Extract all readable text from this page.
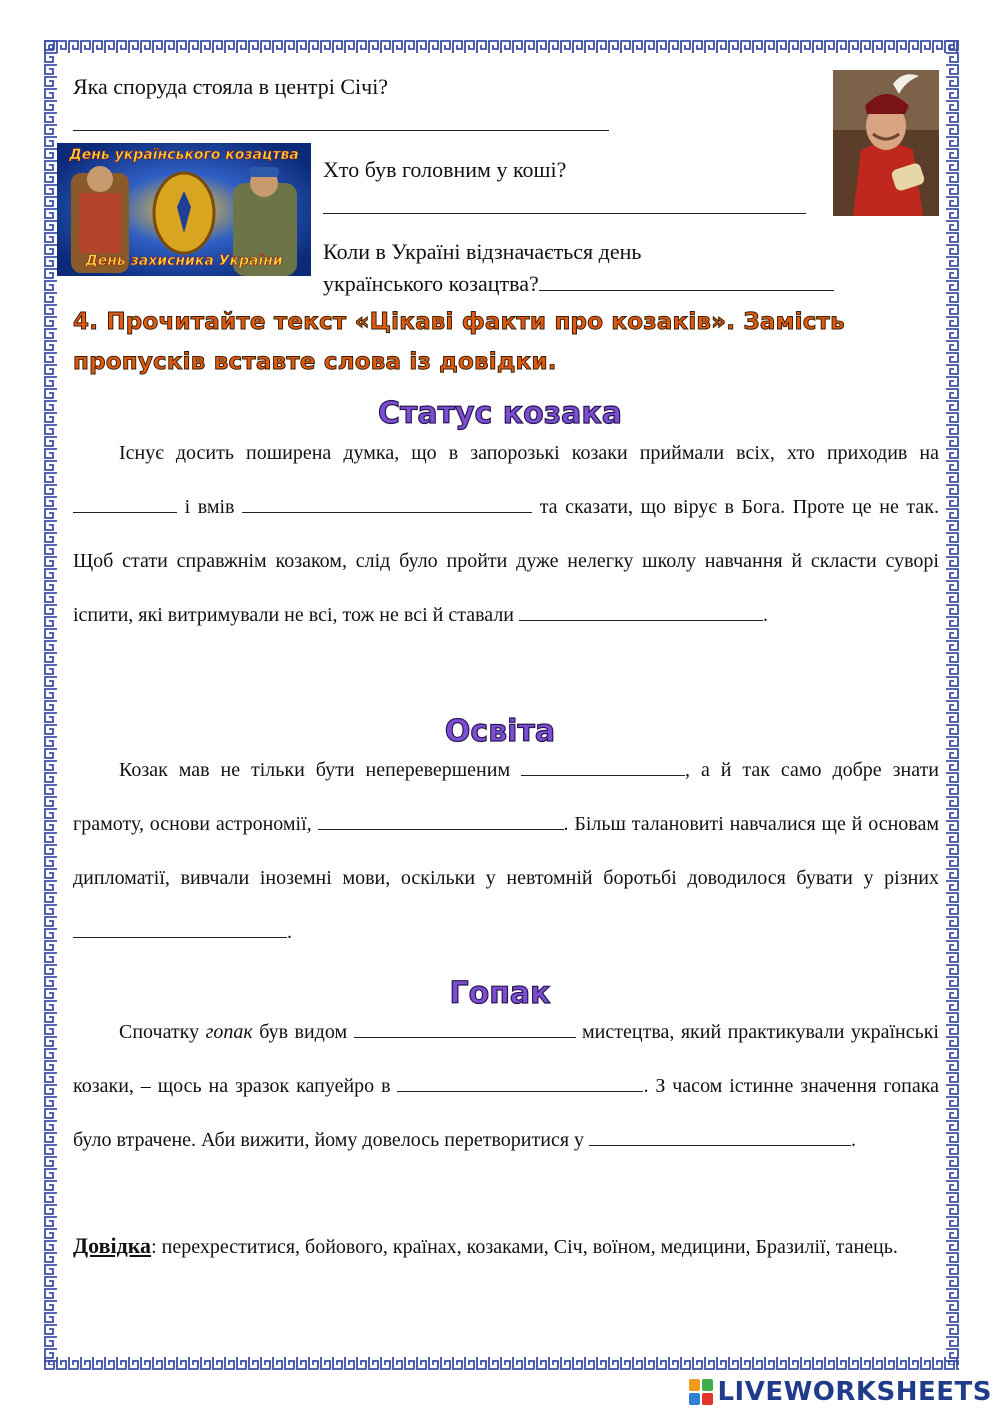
Яка споруда стояла в центрі Січі?
День українського козацтва
День захисника України
Хто був головним у коші?
Коли в Україні відзначається день
українського козацтва?
4. Прочитайте текст «Цікаві факти про козаків». Замість пропусків вставте слова із довідки.
Статус козака
Існує досить поширена думка, що в запорозькі козаки приймали всіх, хто приходив на  і вмів	та сказати, що вірує в Бога. Проте це не так. Щоб стати справжнім козаком, слід було пройти дуже нелегку школу навчання й скласти суворі іспити, які витримували не всі, тож не всі й ставали	.
Освіта
Козак мав не тільки бути неперевершеним	, а й так само добре знати грамоту, основи астрономії,	. Більш талановиті навчалися ще й основам дипломатії, вивчали іноземні мови, оскільки у невтомній боротьбі доводилося бувати у різних .
Гопак
Спочатку гопак був видом	мистецтва, який практикували українські козаки, – щось на зразок капуейро в	. З часом істинне значення гопака було втрачене. Аби вижити, йому довелось перетворитися у	.
Довідка: перехреститися, бойового, країнах, козаками, Січ, воїном, медицини, Бразилії, танець.
LIVEWORKSHEETS
